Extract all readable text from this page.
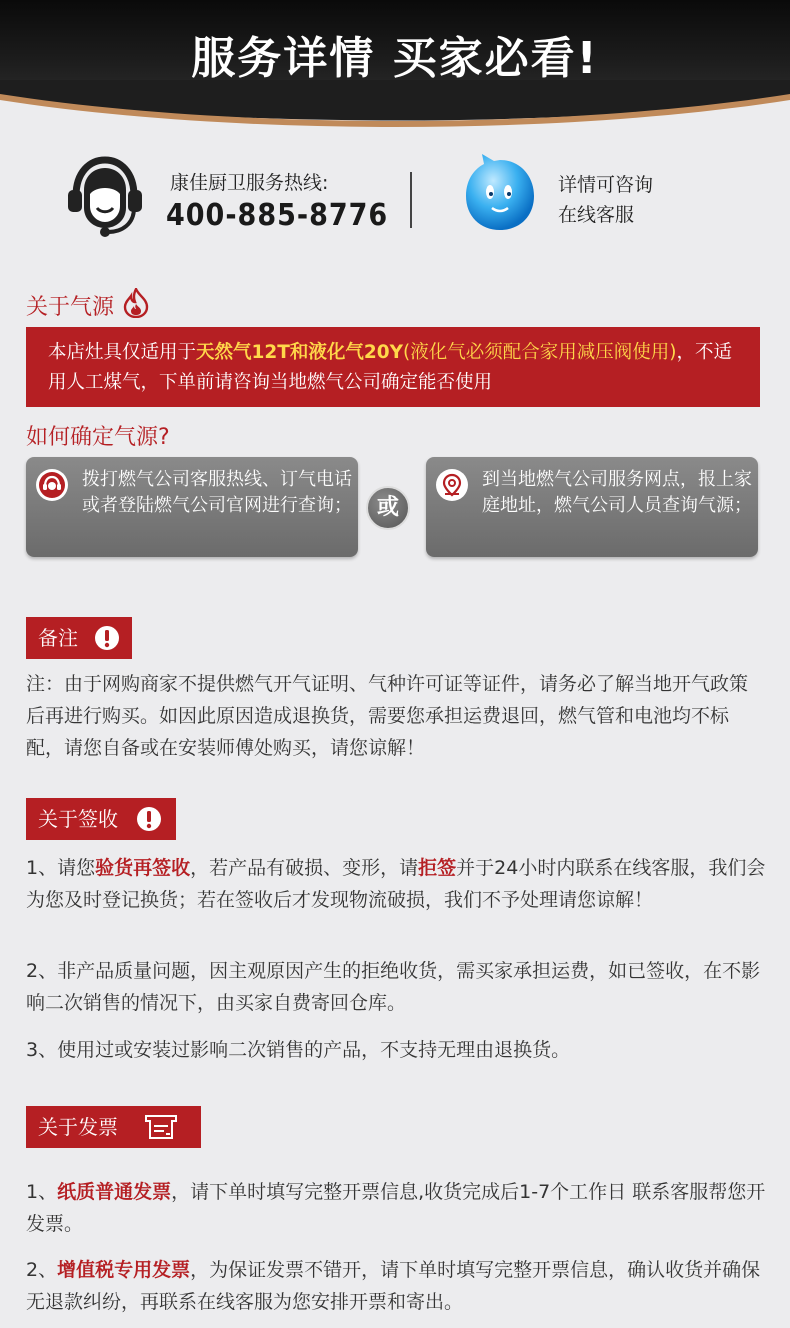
服务详情 买家必看!
康佳厨卫服务热线:
400-885-8776
详情可咨询
在线客服
关于气源
本店灶具仅适用于天然气12T和液化气20Y(液化气必须配合家用减压阀使用)，不适用人工煤气，下单前请咨询当地燃气公司确定能否使用
如何确定气源?
拨打燃气公司客服热线、订气电话或者登陆燃气公司官网进行查询；	或
到当地燃气公司服务网点，报上家庭地址，燃气公司人员查询气源；
备注
注：由于网购商家不提供燃气开气证明、气种许可证等证件，请务必了解当地开气政策后再进行购买。如因此原因造成退换货，需要您承担运费退回，燃气管和电池均不标配，请您自备或在安装师傅处购买，请您谅解！
关于签收
1、请您验货再签收，若产品有破损、变形，请拒签并于24小时内联系在线客服，我们会为您及时登记换货；若在签收后才发现物流破损，我们不予处理请您谅解！
2、非产品质量问题，因主观原因产生的拒绝收货，需买家承担运费，如已签收，在不影响二次销售的情况下，由买家自费寄回仓库。
3、使用过或安装过影响二次销售的产品，不支持无理由退换货。
关于发票
1、纸质普通发票，请下单时填写完整开票信息,收货完成后1-7个工作日 联系客服帮您开发票。
2、增值税专用发票，为保证发票不错开，请下单时填写完整开票信息，确认收货并确保无退款纠纷，再联系在线客服为您安排开票和寄出。
